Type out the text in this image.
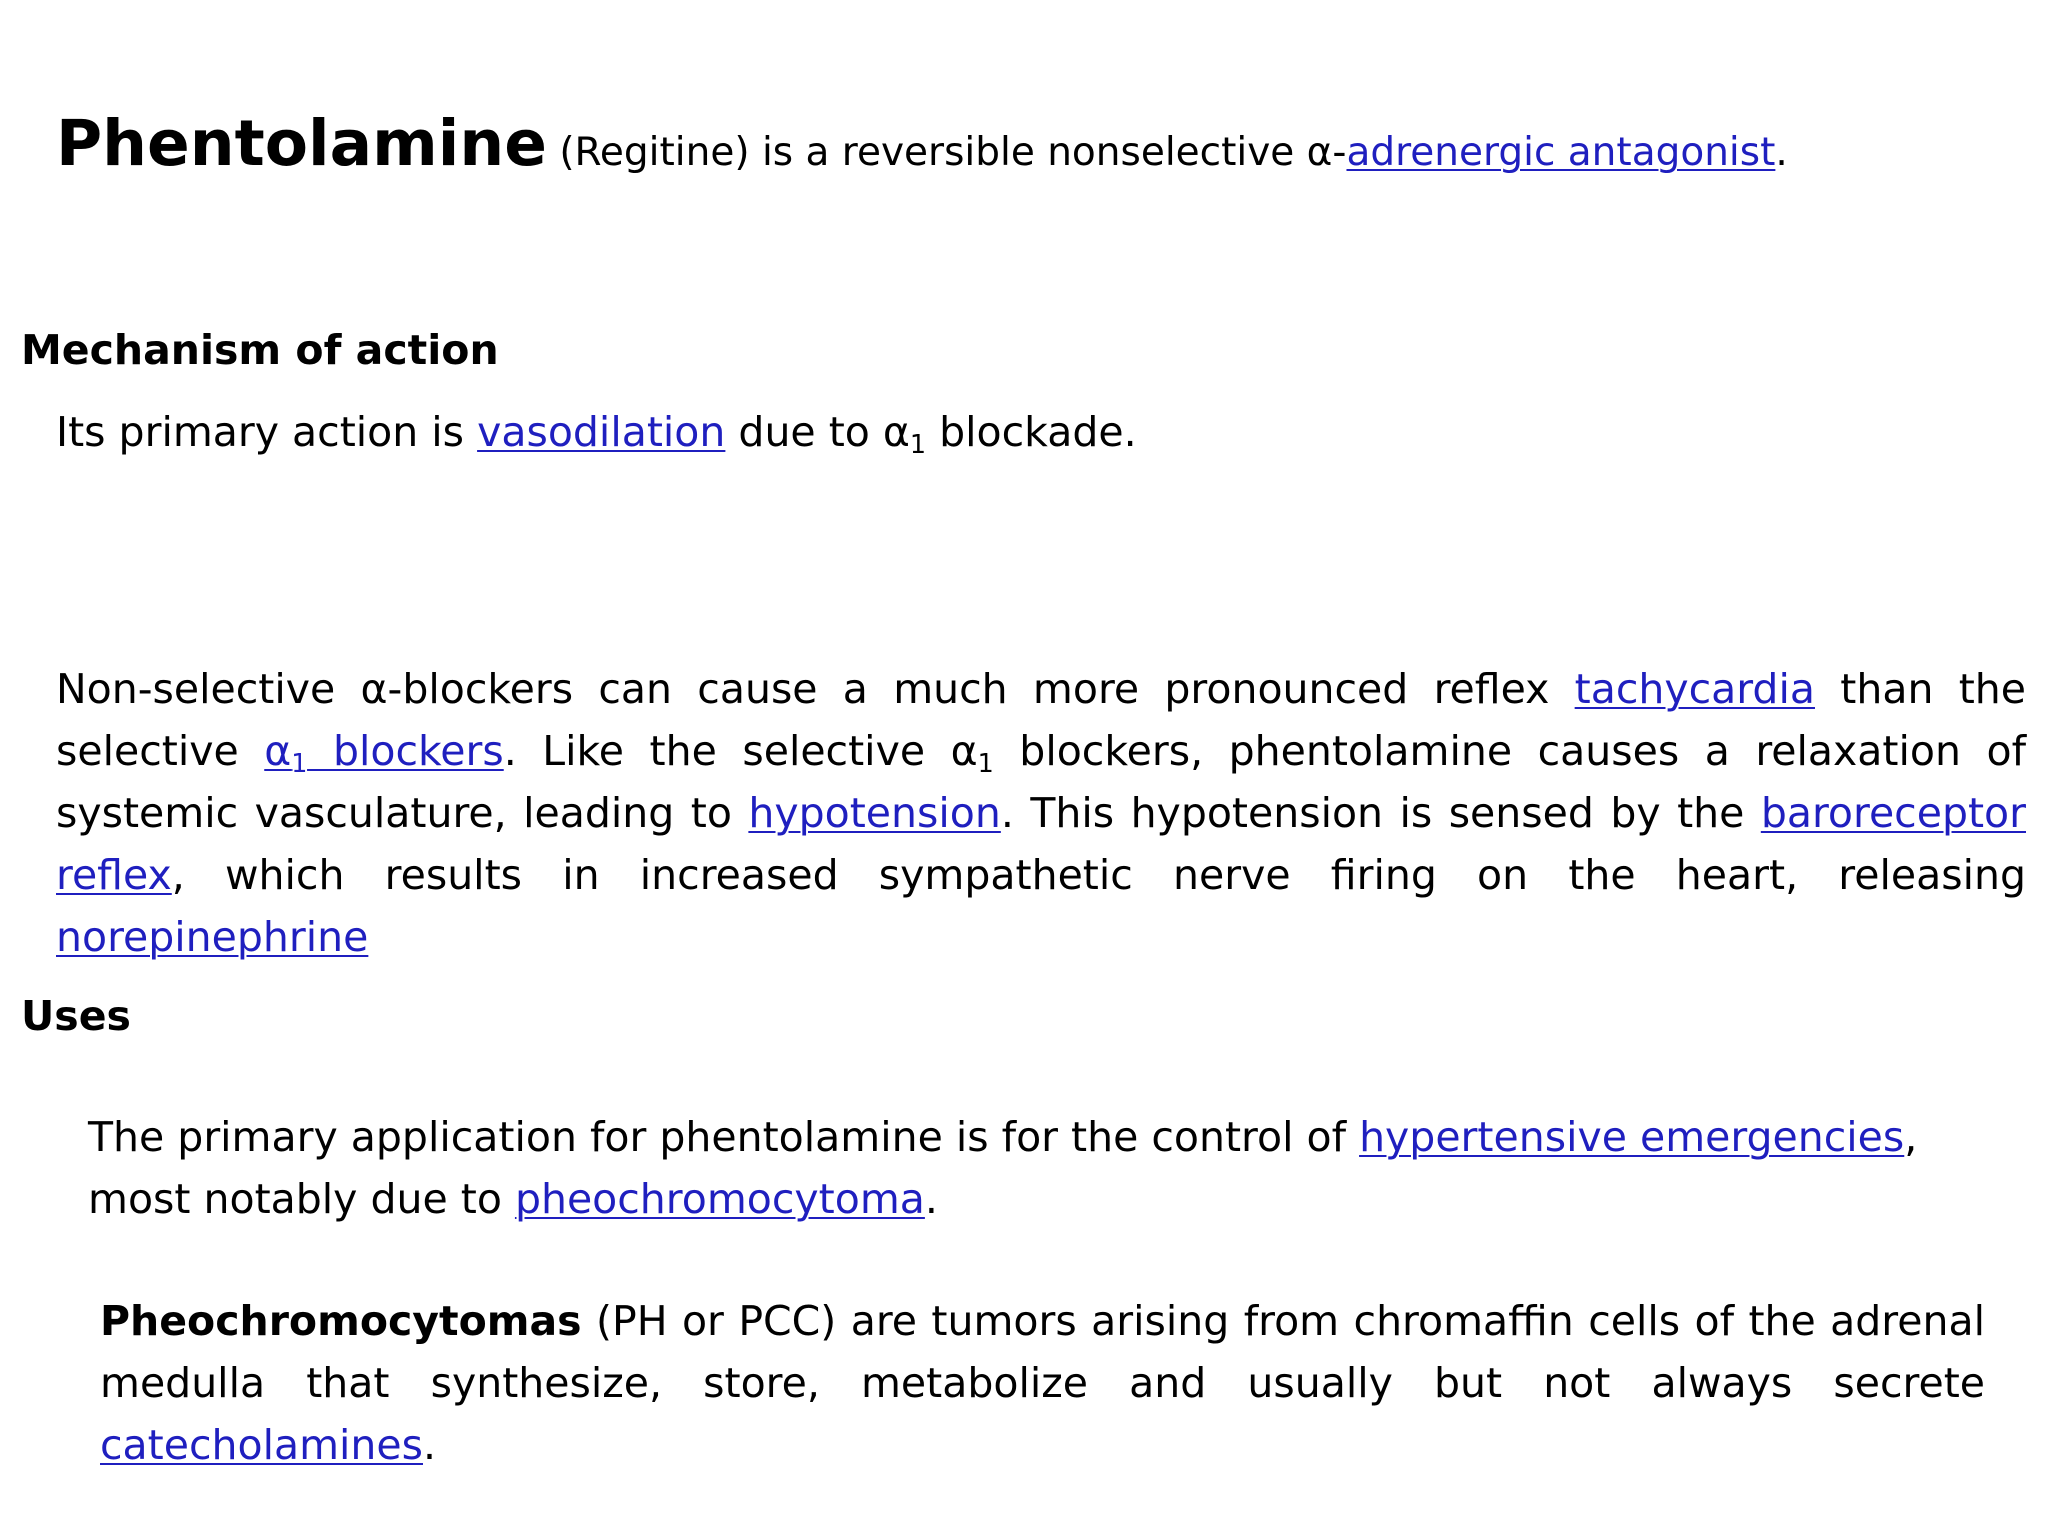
Phentolamine (Regitine) is a reversible nonselective α-adrenergic antagonist.
Mechanism of action
Its primary action is vasodilation due to $\alpha_1$ blockade.

Non-selective α-blockers can cause a much more pronounced reflex tachycardia than the selective $\alpha_1$ blockers. Like the selective $\alpha_1$ blockers, phentolamine causes a relaxation of systemic vasculature, leading to hypotension. This hypotension is sensed by the baroreceptor reflex, which results in increased sympathetic nerve firing on the heart, releasing norepinephrine

Uses

The primary application for phentolamine is for the control of hypertensive emergencies, most notably due to pheochromocytoma.

Pheochromocytomas (PH or PCC) are tumors arising from chromaffin cells of the adrenal medulla that synthesize, store, metabolize and usually but not always secrete catecholamines.
